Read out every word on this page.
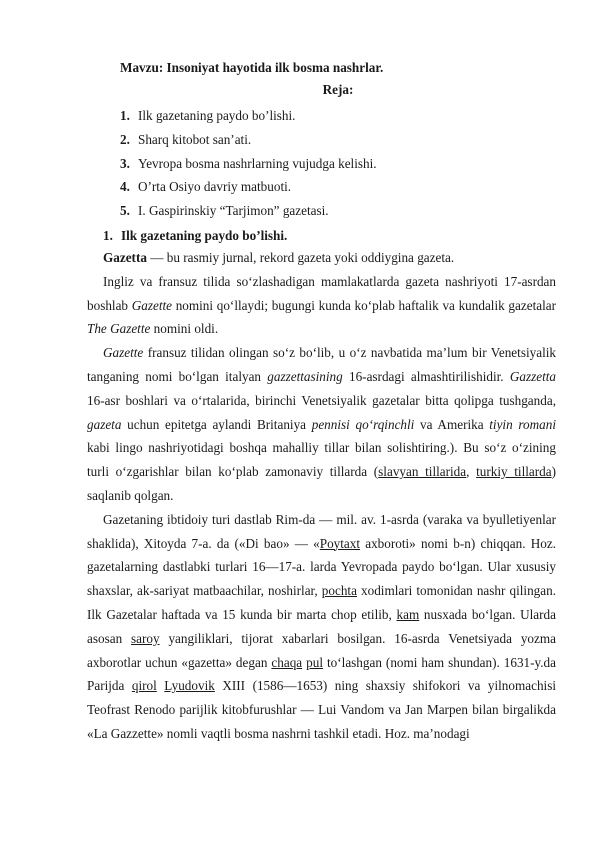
Mavzu: Insoniyat hayotida ilk bosma nashrlar.
Reja:
1. Ilk gazetaning paydo bo’lishi.
2. Sharq kitobot san’ati.
3. Yevropa bosma nashrlarning vujudga kelishi.
4. O’rta Osiyo davriy matbuoti.
5. I. Gaspirinskiy “Tarjimon” gazetasi.
1. Ilk gazetaning paydo bo’lishi.

Gazetta — bu rasmiy jurnal, rekord gazeta yoki oddiygina gazeta.

Ingliz va fransuz tilida so‘zlashadigan mamlakatlarda gazeta nashriyoti 17-asrdan boshlab Gazette nomini qo‘llaydi; bugungi kunda ko‘plab haftalik va kundalik gazetalar The Gazette nomini oldi.

Gazette fransuz tilidan olingan so‘z bo‘lib, u o‘z navbatida ma’lum bir Venetsiyalik tanganing nomi bo‘lgan italyan gazzettasining 16-asrdagi almashtirilishidir. Gazzetta 16-asr boshlari va o‘rtalarida, birinchi Venetsiyalik gazetalar bitta qolipga tushganda, gazeta uchun epitetga aylandi Britaniya pennisi qo‘rqinchli va Amerika tiyin romani kabi lingo nashriyotidagi boshqa mahalliy tillar bilan solishtiring.). Bu so‘z o‘zining turli o‘zgarishlar bilan ko‘plab zamonaviy tillarda (slavyan tillarida, turkiy tillarda) saqlanib qolgan.

Gazetaning ibtidoiy turi dastlab Rim-da — mil. av. 1-asrda (varaka va byulletiyenlar shaklida), Xitoyda 7-a. da («Di bao» — «Poytaxt axboroti» nomi b-n) chiqqan. Hoz. gazetalarning dastlabki turlari 16—17-a. larda Yevropada paydo bo‘lgan. Ular xususiy shaxslar, ak-sariyat matbaachilar, noshirlar, pochta xodimlari tomonidan nashr qilingan. Ilk Gazetalar haftada va 15 kunda bir marta chop etilib, kam nusxada bo‘lgan. Ularda asosan saroy yangiliklari, tijorat xabarlari bosilgan. 16-asrda Venetsiyada yozma axborotlar uchun «gazetta» degan chaqa pul to‘lashgan (nomi ham shundan). 1631-y.da Parijda qirol Lyudovik XIII (1586—1653) ning shaxsiy shifokori va yilnomachisi Teofrast Renodo parijlik kitobfurushlar — Lui Vandom va Jan Marpen bilan birgalikda «La Gazzette» nomli vaqtli bosma nashrni tashkil etadi. Hoz. ma’nodagi
